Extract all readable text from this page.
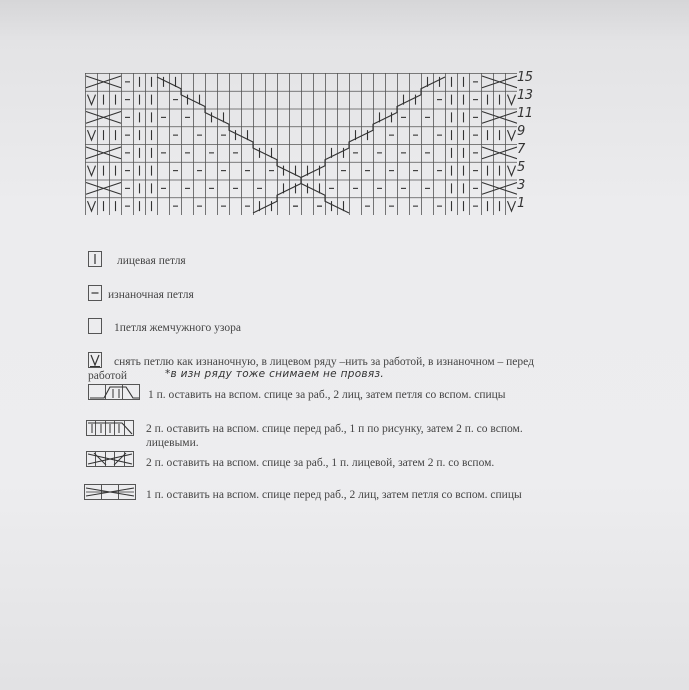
15
13
11
9
7
5
3
1
лицевая петля
изнаночная петля
1петля жемчужного узора
снять петлю как изнаночную, в лицевом ряду –нить за работой, в изнаночном – перед
работой	*в изн ряду тоже снимаем не провяз.
1 п. оставить на вспом. спице за раб., 2 лиц, затем петля со вспом. спицы
2 п. оставить на вспом. спице перед раб., 1 п по рисунку, затем 2 п. со вспом.
лицевыми.
2 п. оставить на вспом. спице за раб., 1 п. лицевой, затем 2 п. со вспом.
1 п. оставить на вспом. спице перед раб., 2 лиц, затем петля со вспом. спицы
